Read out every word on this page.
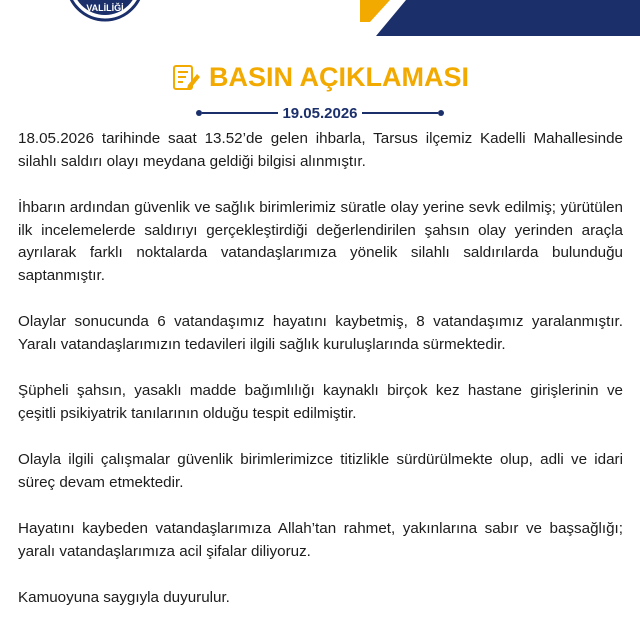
VALİLİĞİ
BASIN AÇIKLAMASI
19.05.2026

18.05.2026 tarihinde saat 13.52’de gelen ihbarla, Tarsus ilçemiz Kadelli Mahallesinde silahlı saldırı olayı meydana geldiği bilgisi alınmıştır.

İhbarın ardından güvenlik ve sağlık birimlerimiz süratle olay yerine sevk edilmiş; yürütülen ilk incelemelerde saldırıyı gerçekleştirdiği değerlendirilen şahsın olay yerinden araçla ayrılarak farklı noktalarda vatandaşlarımıza yönelik silahlı saldırılarda bulunduğu saptanmıştır.

Olaylar sonucunda 6 vatandaşımız hayatını kaybetmiş, 8 vatandaşımız yaralanmıştır. Yaralı vatandaşlarımızın tedavileri ilgili sağlık kuruluşlarında sürmektedir.

Şüpheli şahsın, yasaklı madde bağımlılığı kaynaklı birçok kez hastane girişlerinin ve çeşitli psikiyatrik tanılarının olduğu tespit edilmiştir.

Olayla ilgili çalışmalar güvenlik birimlerimizce titizlikle sürdürülmekte olup, adli ve idari süreç devam etmektedir.

Hayatını kaybeden vatandaşlarımıza Allah’tan rahmet, yakınlarına sabır ve başsağlığı; yaralı vatandaşlarımıza acil şifalar diliyoruz.

Kamuoyuna saygıyla duyurulur.
